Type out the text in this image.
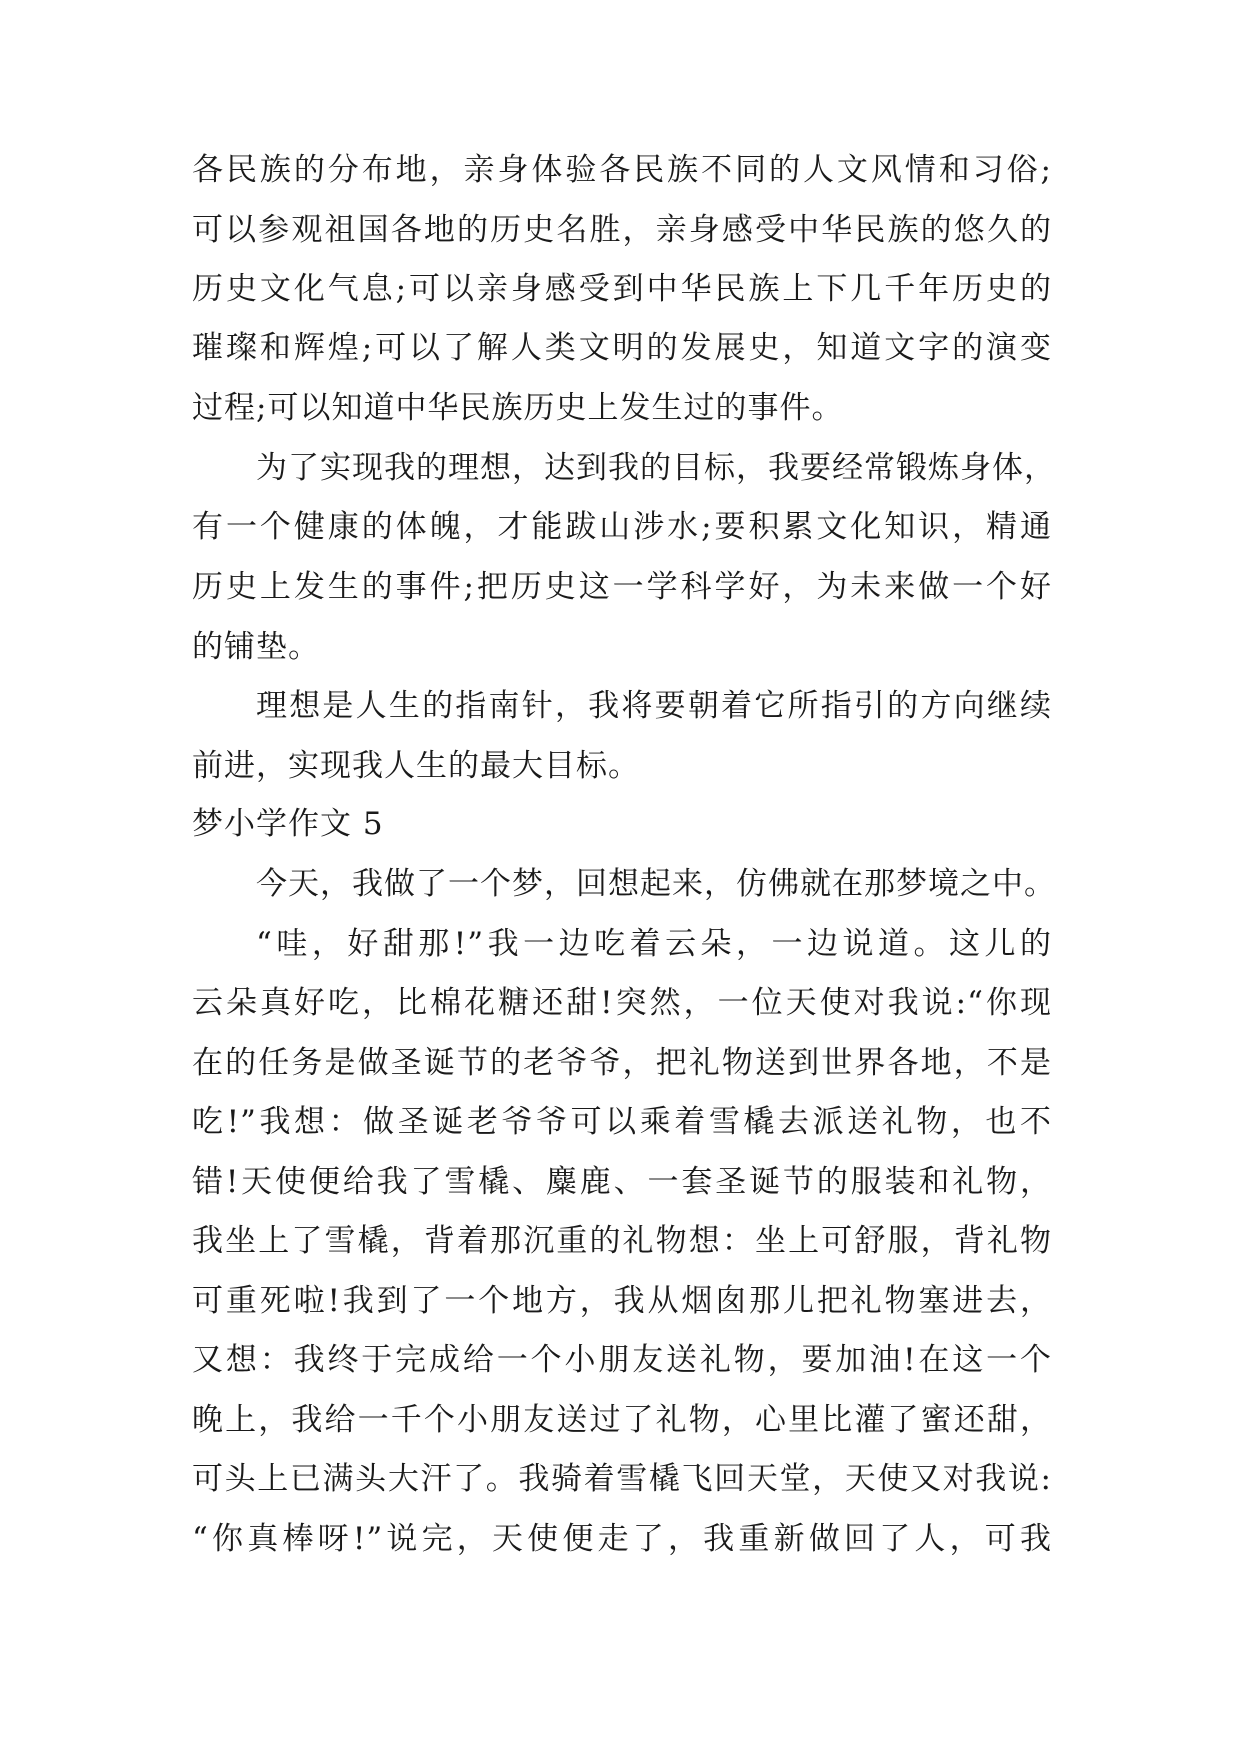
各民族的分布地，亲身体验各民族不同的人文风情和习俗;
可以参观祖国各地的历史名胜，亲身感受中华民族的悠久的
历史文化气息;可以亲身感受到中华民族上下几千年历史的
璀璨和辉煌;可以了解人类文明的发展史，知道文字的演变
过程;可以知道中华民族历史上发生过的事件。
为了实现我的理想，达到我的目标，我要经常锻炼身体，
有一个健康的体魄，才能跋山涉水;要积累文化知识，精通
历史上发生的事件;把历史这一学科学好，为未来做一个好
的铺垫。
理想是人生的指南针，我将要朝着它所指引的方向继续
前进，实现我人生的最大目标。
梦小学作文 5
今天，我做了一个梦，回想起来，仿佛就在那梦境之中。
“哇，好甜那!”我一边吃着云朵，一边说道。这儿的
云朵真好吃，比棉花糖还甜!突然，一位天使对我说:“你现
在的任务是做圣诞节的老爷爷，把礼物送到世界各地，不是
吃!”我想：做圣诞老爷爷可以乘着雪橇去派送礼物，也不
错!天使便给我了雪橇、麋鹿、一套圣诞节的服装和礼物，
我坐上了雪橇，背着那沉重的礼物想：坐上可舒服，背礼物
可重死啦!我到了一个地方，我从烟囱那儿把礼物塞进去，
又想：我终于完成给一个小朋友送礼物，要加油!在这一个
晚上，我给一千个小朋友送过了礼物，心里比灌了蜜还甜，
可头上已满头大汗了。我骑着雪橇飞回天堂，天使又对我说:
“你真棒呀!”说完，天使便走了，我重新做回了人，可我
